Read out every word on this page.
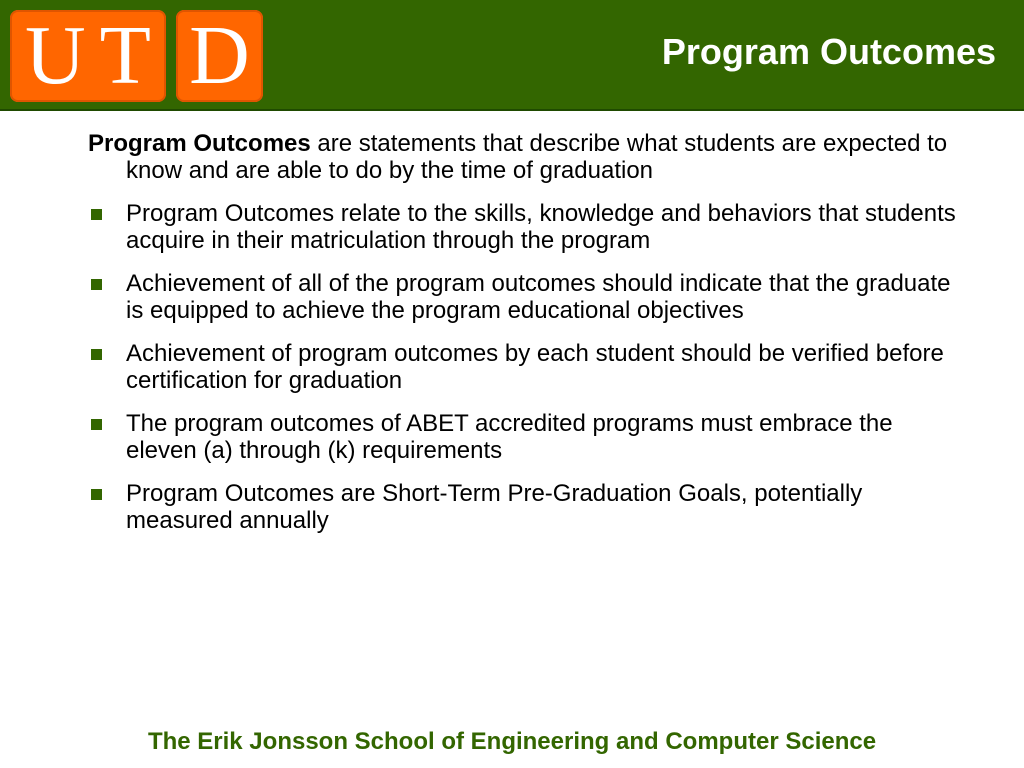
U T D	Program Outcomes

Program Outcomes are statements that describe what students are expected to know and are able to do by the time of graduation

Program Outcomes relate to the skills, knowledge and behaviors that students acquire in their matriculation through the program
Achievement of all of the program outcomes should indicate that the graduate is equipped to achieve the program educational objectives
Achievement of program outcomes by each student should be verified before certification for graduation
The program outcomes of ABET accredited programs must embrace the eleven (a) through (k) requirements
Program Outcomes are Short-Term Pre-Graduation Goals, potentially measured annually
The Erik Jonsson School of Engineering and Computer Science
